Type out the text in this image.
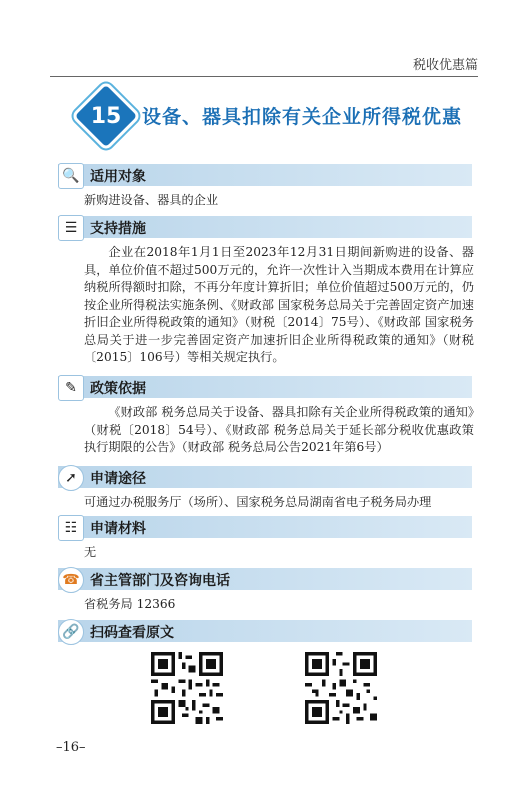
税收优惠篇
15	设备、器具扣除有关企业所得税优惠
🔍 适用对象
新购进设备、器具的企业
☰ 支持措施
企业在2018年1月1日至2023年12月31日期间新购进的设备、器具，单位价值不超过500万元的，允许一次性计入当期成本费用在计算应纳税所得额时扣除，不再分年度计算折旧；单位价值超过500万元的，仍按企业所得税法实施条例、《财政部 国家税务总局关于完善固定资产加速折旧企业所得税政策的通知》（财税〔2014〕75号）、《财政部 国家税务总局关于进一步完善固定资产加速折旧企业所得税政策的通知》（财税〔2015〕106号）等相关规定执行。
✎ 政策依据
《财政部 税务总局关于设备、器具扣除有关企业所得税政策的通知》（财税〔2018〕54号）、《财政部 税务总局关于延长部分税收优惠政策执行期限的公告》（财政部 税务总局公告2021年第6号）
➚ 申请途径
可通过办税服务厅（场所）、国家税务总局湖南省电子税务局办理
☷ 申请材料
无
☎ 省主管部门及咨询电话
省税务局 12366
🔗 扫码查看原文
–16–
